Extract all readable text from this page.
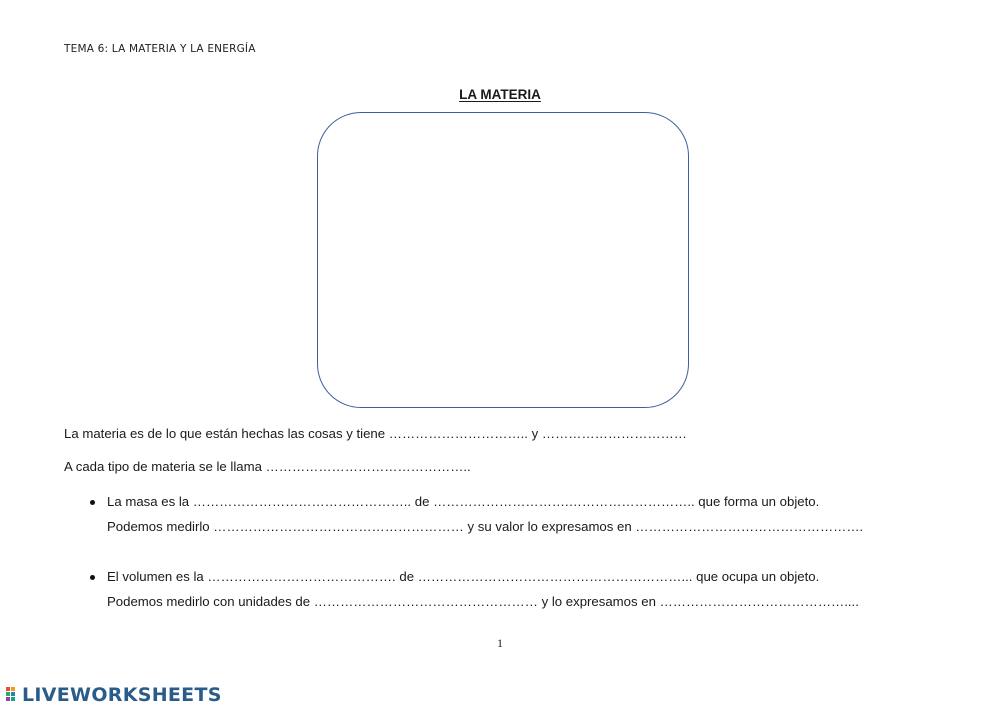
TEMA 6: LA MATERIA Y LA ENERGÍA
LA MATERIA
La materia es de lo que están hechas las cosas y tiene ………………………….. y ……………………………
A cada tipo de materia se le llama ………………………………………..
La masa es la ………………………………………….. de ………………………….……………………….. que forma un objeto.
Podemos medirlo ………………………………………………… y su valor lo expresamos en …………………………………………….
El volumen es la ……………………………………. de ……………………………………………………... que ocupa un objeto.
Podemos medirlo con unidades de …………………………………………… y lo expresamos en ……………………………………....
1
LIVEWORKSHEETS
